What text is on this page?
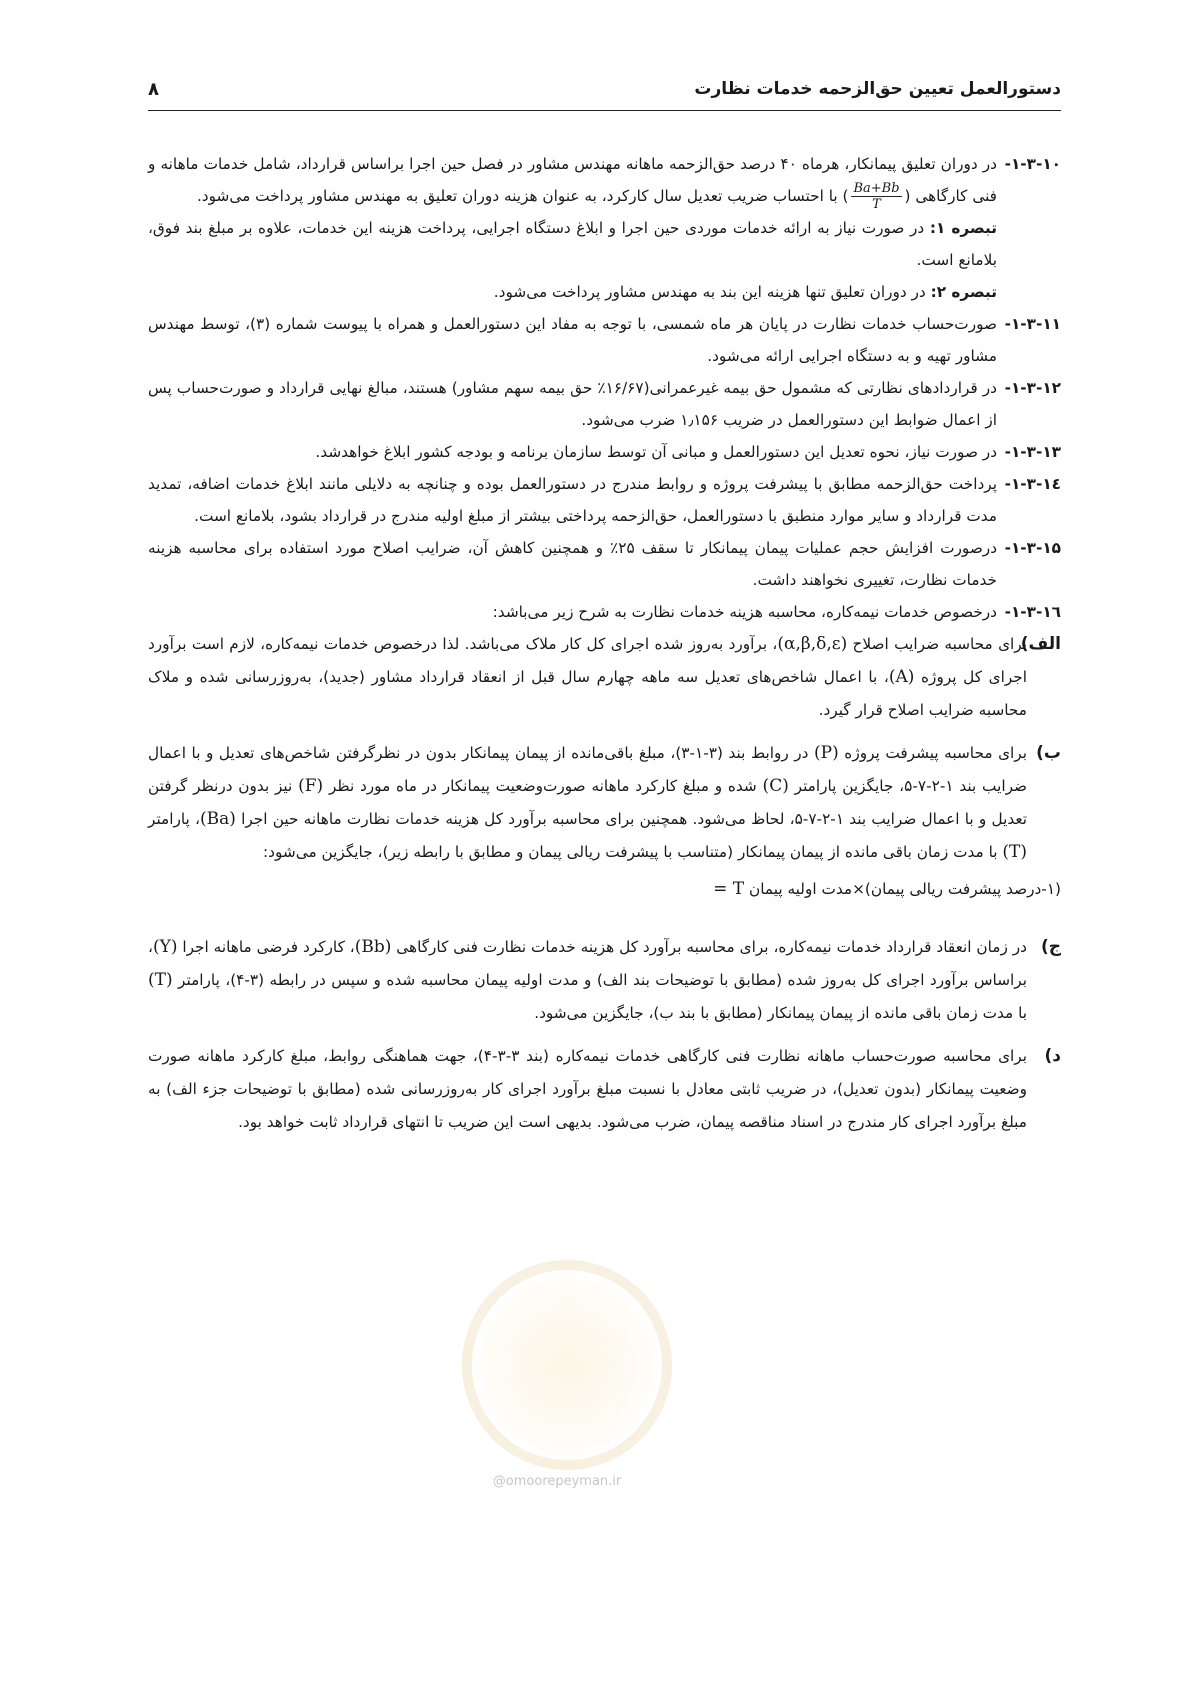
دستورالعمل تعیین حق‌الزحمه خدمات نظارت
۸
@omoorepeyman.ir

۱-۳-۱۰-
در دوران تعلیق پیمانکار، هرماه ۴۰ درصد حق‌الزحمه ماهانه مهندس مشاور در فصل حین اجرا براساس قرارداد، شامل خدمات ماهانه و فنی کارگاهی (
$\frac{Ba+Bb}{T}$
) با احتساب ضریب تعدیل سال کارکرد، به عنوان هزینه دوران تعلیق به مهندس مشاور پرداخت می‌شود.

تبصره ۱: در صورت نیاز به ارائه خدمات موردی حین اجرا و ابلاغ دستگاه اجرایی، پرداخت هزینه این خدمات، علاوه بر مبلغ بند فوق، بلامانع است.

تبصره ۲: در دوران تعلیق تنها هزینه این بند به مهندس مشاور پرداخت می‌شود.

۱-۳-۱۱-
صورت‌حساب خدمات نظارت در پایان هر ماه شمسی، با توجه به مفاد این دستورالعمل و همراه با پیوست شماره (۳)، توسط مهندس مشاور تهیه و به دستگاه اجرایی ارائه می‌شود.

۱-۳-۱۲-
در قراردادهای نظارتی که مشمول حق بیمه غیرعمرانی(۱۶/۶۷٪ حق بیمه سهم مشاور) هستند، مبالغ نهایی قرارداد و صورت‌حساب پس از اعمال ضوابط این دستورالعمل در ضریب ۱٫۱۵۶ ضرب می‌شود.

۱-۳-۱۳-
در صورت نیاز، نحوه تعدیل این دستورالعمل و مبانی آن توسط سازمان برنامه و بودجه کشور ابلاغ خواهدشد.

۱-۳-۱٤-
پرداخت حق‌الزحمه مطابق با پیشرفت پروژه و روابط مندرج در دستورالعمل بوده و چنانچه به دلایلی مانند ابلاغ خدمات اضافه، تمدید مدت قرارداد و سایر موارد منطبق با دستورالعمل، حق‌الزحمه پرداختی بیشتر از مبلغ اولیه مندرج در قرارداد بشود، بلامانع است.

۱-۳-۱۵-
درصورت افزایش حجم عملیات پیمان پیمانکار تا سقف ۲۵٪ و همچنین کاهش آن، ضرایب اصلاح مورد استفاده برای محاسبه هزینه خدمات نظارت، تغییری نخواهند داشت.

۱-۳-۱٦-
درخصوص خدمات نیمه‌کاره، محاسبه هزینه خدمات نظارت به شرح زیر می‌باشد:

الف)
برای محاسبه ضرایب اصلاح (α,β,δ,ε)، برآورد به‌روز شده اجرای کل کار ملاک می‌باشد. لذا درخصوص خدمات نیمه‌کاره، لازم است برآورد اجرای کل پروژه (A)، با اعمال شاخص‌های تعدیل سه ماهه چهارم سال قبل از انعقاد قرارداد مشاور (جدید)، به‌روزرسانی شده و ملاک محاسبه ضرایب اصلاح قرار گیرد.

ب)
برای محاسبه پیشرفت پروژه (P) در روابط بند (۳-۱-۳)، مبلغ باقی‌مانده از پیمان پیمانکار بدون در نظرگرفتن شاخص‌های تعدیل و با اعمال ضرایب بند ۱-۲-۷-۵، جایگزین پارامتر (C) شده و مبلغ کارکرد ماهانه صورت‌وضعیت پیمانکار در ماه مورد نظر (F) نیز بدون درنظر گرفتن تعدیل و با اعمال ضرایب بند ۱-۲-۷-۵، لحاظ می‌شود. همچنین برای محاسبه برآورد کل هزینه خدمات نظارت ماهانه حین اجرا (Ba)، پارامتر (T) با مدت زمان باقی مانده از پیمان پیمانکار (متناسب با پیشرفت ریالی پیمان و مطابق با رابطه زیر)، جایگزین می‌شود:

(۱-درصد پیشرفت ریالی پیمان)×مدت اولیه پیمان T =

ج)
در زمان انعقاد قرارداد خدمات نیمه‌کاره، برای محاسبه برآورد کل هزینه خدمات نظارت فنی کارگاهی (Bb)، کارکرد فرضی ماهانه اجرا (Y)، براساس برآورد اجرای کل به‌روز شده (مطابق با توضیحات بند الف) و مدت اولیه پیمان محاسبه شده و سپس در رابطه (۳-۴)، پارامتر (T) با مدت زمان باقی مانده از پیمان پیمانکار (مطابق با بند ب)، جایگزین می‌شود.

د)
برای محاسبه صورت‌حساب ماهانه نظارت فنی کارگاهی خدمات نیمه‌کاره (بند ۳-۳-۴)، جهت هماهنگی روابط، مبلغ کارکرد ماهانه صورت وضعیت پیمانکار (بدون تعدیل)، در ضریب ثابتی معادل با نسبت مبلغ برآورد اجرای کار به‌روزرسانی شده (مطابق با توضیحات جزء الف) به مبلغ برآورد اجرای کار مندرج در اسناد مناقصه پیمان، ضرب می‌شود. بدیهی است این ضریب تا انتهای قرارداد ثابت خواهد بود.
